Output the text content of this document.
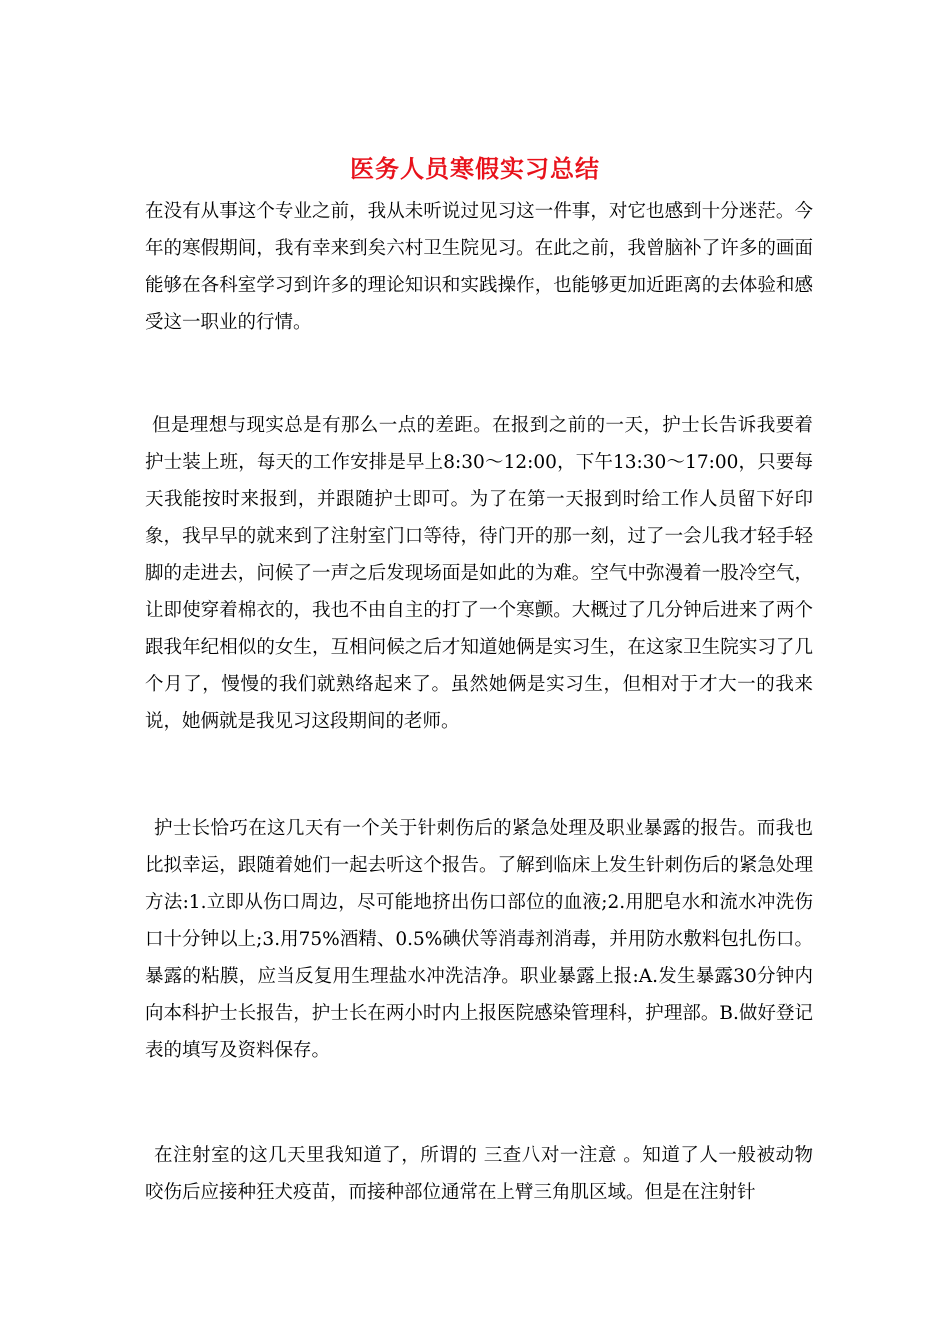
医务人员寒假实习总结

在没有从事这个专业之前，我从未听说过见习这一件事，对它也感到十分迷茫。今年的寒假期间，我有幸来到矣六村卫生院见习。在此之前，我曾脑补了许多的画面 能够在各科室学习到许多的理论知识和实践操作，也能够更加近距离的去体验和感受这一职业的行情。

但是理想与现实总是有那么一点的差距。在报到之前的一天，护士长告诉我要着护士装上班，每天的工作安排是早上8:30～12:00，下午13:30～17:00，只要每天我能按时来报到，并跟随护士即可。为了在第一天报到时给工作人员留下好印象，我早早的就来到了注射室门口等待，待门开的那一刻，过了一会儿我才轻手轻脚的走进去，问候了一声之后发现场面是如此的为难。空气中弥漫着一股冷空气，让即使穿着棉衣的，我也不由自主的打了一个寒颤。大概过了几分钟后进来了两个跟我年纪相似的女生，互相问候之后才知道她俩是实习生，在这家卫生院实习了几个月了，慢慢的我们就熟络起来了。虽然她俩是实习生，但相对于才大一的我来说，她俩就是我见习这段期间的老师。

护士长恰巧在这几天有一个关于针刺伤后的紧急处理及职业暴露的报告。而我也比拟幸运，跟随着她们一起去听这个报告。了解到临床上发生针刺伤后的紧急处理方法:1.立即从伤口周边，尽可能地挤出伤口部位的血液;2.用肥皂水和流水冲洗伤口十分钟以上;3.用75%酒精、0.5%碘伏等消毒剂消毒，并用防水敷料包扎伤口。暴露的粘膜，应当反复用生理盐水冲洗洁净。职业暴露上报:A.发生暴露30分钟内向本科护士长报告，护士长在两小时内上报医院感染管理科，护理部。B.做好登记表的填写及资料保存。

在注射室的这几天里我知道了，所谓的 三查八对一注意 。知道了人一般被动物咬伤后应接种狂犬疫苗，而接种部位通常在上臂三角肌区域。但是在注射针
